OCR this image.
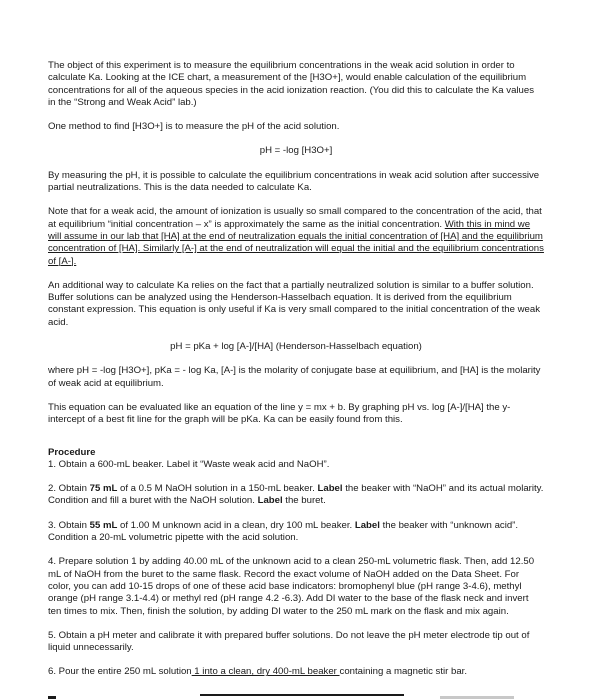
The object of this experiment is to measure the equilibrium concentrations in the weak acid solution in order to calculate Ka. Looking at the ICE chart, a measurement of the [H3O+], would enable calculation of the equilibrium concentrations for all of the aqueous species in the acid ionization reaction. (You did this to calculate the Ka values in the “Strong and Weak Acid” lab.)

One method to find [H3O+] is to measure the pH of the acid solution.

pH = -log [H3O+]

By measuring the pH, it is possible to calculate the equilibrium concentrations in weak acid solution after successive partial neutralizations. This is the data needed to calculate Ka.

Note that for a weak acid, the amount of ionization is usually so small compared to the concentration of the acid, that at equilibrium “initial concentration – x” is approximately the same as the initial concentration. With this in mind we will assume in our lab that [HA] at the end of neutralization equals the initial concentration of [HA] and the equilibrium concentration of [HA]. Similarly [A-] at the end of neutralization will equal the initial and the equilibrium concentrations of [A-].

An additional way to calculate Ka relies on the fact that a partially neutralized solution is similar to a buffer solution. Buffer solutions can be analyzed using the Henderson-Hasselbach equation. It is derived from the equilibrium constant expression. This equation is only useful if Ka is very small compared to the initial concentration of the weak acid.

pH = pKa + log [A-]/[HA] (Henderson-Hasselbach equation)

where pH = -log [H3O+], pKa = - log Ka, [A-] is the molarity of conjugate base at equilibrium, and [HA] is the molarity of weak acid at equilibrium.

This equation can be evaluated like an equation of the line y = mx + b. By graphing pH vs. log [A-]/[HA] the y-intercept of a best fit line for the graph will be pKa. Ka can be easily found from this.

Procedure

1. Obtain a 600-mL beaker. Label it “Waste weak acid and NaOH”.

2. Obtain 75 mL of a 0.5 M NaOH solution in a 150-mL beaker. Label the beaker with “NaOH” and its actual molarity. Condition and fill a buret with the NaOH solution. Label the buret.

3. Obtain 55 mL of 1.00 M unknown acid in a clean, dry 100 mL beaker. Label the beaker with “unknown acid”. Condition a 20-mL volumetric pipette with the acid solution.

4. Prepare solution 1 by adding 40.00 mL of the unknown acid to a clean 250-mL volumetric flask. Then, add 12.50 mL of NaOH from the buret to the same flask. Record the exact volume of NaOH added on the Data Sheet. For color, you can add 10-15 drops of one of these acid base indicators: bromophenyl blue (pH range 3-4.6), methyl orange (pH range 3.1-4.4) or methyl red (pH range 4.2 -6.3). Add DI water to the base of the flask neck and invert ten times to mix. Then, finish the solution, by adding DI water to the 250 mL mark on the flask and mix again.

5. Obtain a pH meter and calibrate it with prepared buffer solutions. Do not leave the pH meter electrode tip out of liquid unnecessarily.

6. Pour the entire 250 mL solution 1 into a clean, dry 400-mL beaker containing a magnetic stir bar.
